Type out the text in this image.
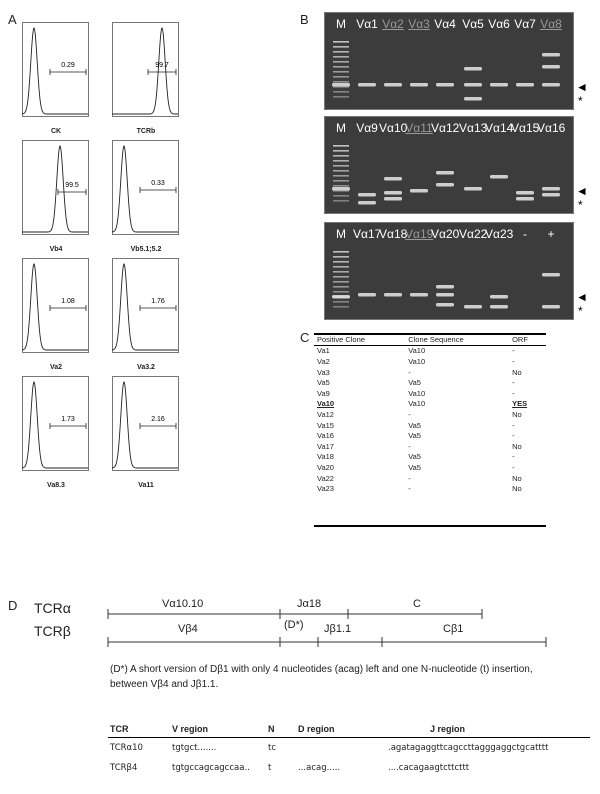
A	B
C
D
0.29
CK
99.7
TCRb
99.5
Vb4
0.33
Vb5.1;5.2
1.08
Va2
1.76
Va3.2
1.73
Va8.3
2.16
Va11
M Vα1 Vα2 Vα3 Vα4 Vα5 Vα6 Vα7 Vα8
◄
*
M Vα9 Vα10
Vα11
Vα12 Vα13
Vα14
Vα15
Vα16
◄
*
M Vα17
Vα18
Vα19
Vα20 Vα22
Vα23 -	+
◄
*
Positive Clone	Clone Sequence	ORF
Va1	Va10	-
Va2	Va10	-
Va3	-	No
Va5	Va5	-
Va9	Va10	-
Va10	Va10	YES
Va12	-	No
Va15	Va5	-
Va16	Va5	-
Va17	-	No
Va18	Va5	-
Va20	Va5	-
Va22	-	No
Va23	-	No
TCRα	Vα10.10	Jα18	C
TCRβ	Vβ4	(D*) Jβ1.1	Cβ1
(D*) A short version of Dβ1 with only 4 nucleotides (acag) left and one N-nucleotide (t) insertion, between Vβ4 and Jβ1.1.
TCR	V region	N	D region	J region
TCRα10	tgtgct.......	tc		.agatagaggttcagccttagggaggctgcatttt
TCRβ4	tgtgccagcagccaa..	t	...acag.....	....cacagaagtcttcttt
